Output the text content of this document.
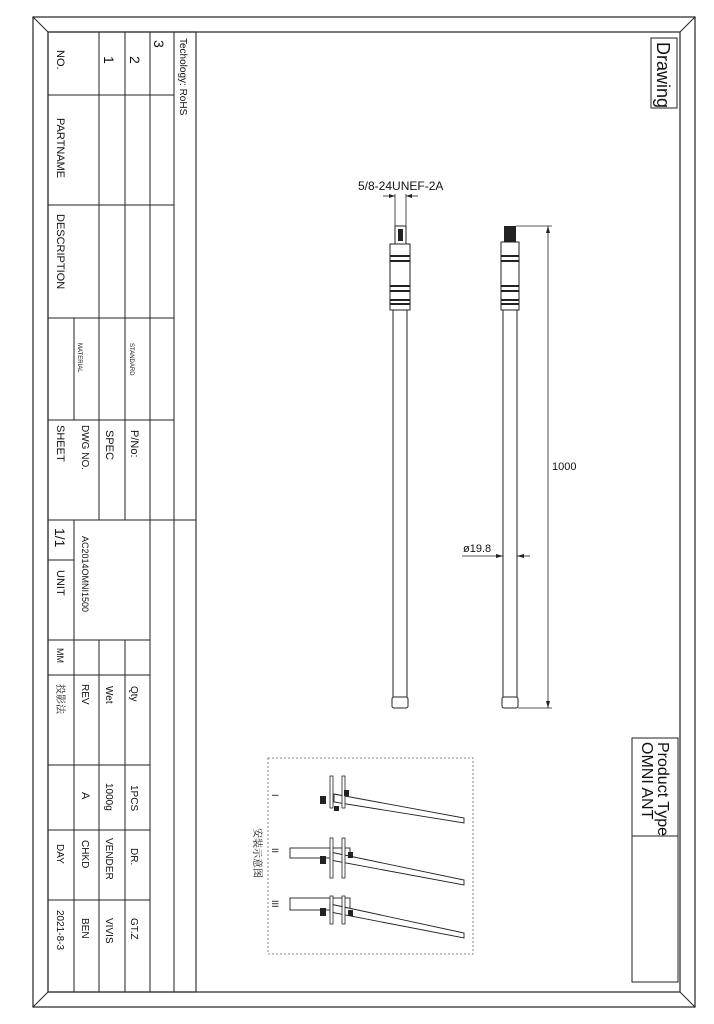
Drawing
Product Type
OMNI ANT
5/8-24UNEF-2A
1000
ø19.8
I
II
III
安装示意图
Techology: RoHS
3
2
1
NO.
PARTNAME
DESCRIPTION
STANDARD
MATERIAL
P/No:
SPEC
DWG NO.
SHEET
1/1
UNIT
MM
AC2014OMNI1500
Qty
Wet
REV
投影法
1PCS
1000g
A
DR.
VENDER
CHKD
DAY
GT.Z
VIVIS
BEN
2021-8-3
